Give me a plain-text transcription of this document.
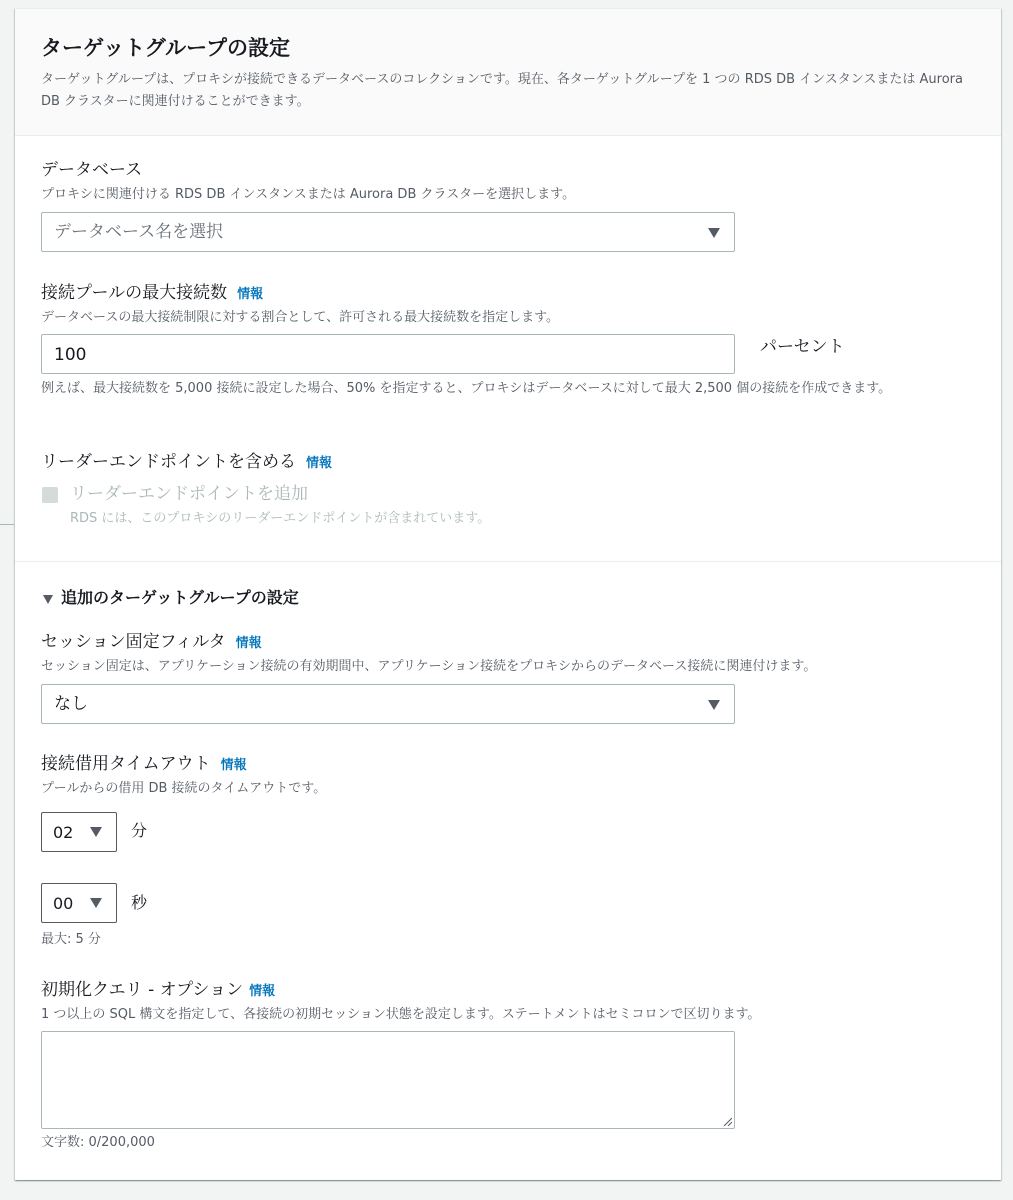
ターゲットグループの設定
ターゲットグループは、プロキシが接続できるデータベースのコレクションです。現在、各ターゲットグループを 1 つの RDS DB インスタンスまたは Aurora DB クラスターに関連付けることができます。
データベース
プロキシに関連付ける RDS DB インスタンスまたは Aurora DB クラスターを選択します。
データベース名を選択
接続プールの最大接続数 情報
データベースの最大接続制限に対する割合として、許可される最大接続数を指定します。
100	パーセント
例えば、最大接続数を 5,000 接続に設定した場合、50% を指定すると、プロキシはデータベースに対して最大 2,500 個の接続を作成できます。
リーダーエンドポイントを含める 情報
リーダーエンドポイントを追加
RDS には、このプロキシのリーダーエンドポイントが含まれています。
追加のターゲットグループの設定
セッション固定フィルタ 情報
セッション固定は、アプリケーション接続の有効期間中、アプリケーション接続をプロキシからのデータベース接続に関連付けます。
なし
接続借用タイムアウト 情報
プールからの借用 DB 接続のタイムアウトです。
02	分
00	秒
最大: 5 分
初期化クエリ - オプション 情報
1 つ以上の SQL 構文を指定して、各接続の初期セッション状態を設定します。ステートメントはセミコロンで区切ります。
文字数: 0/200,000
